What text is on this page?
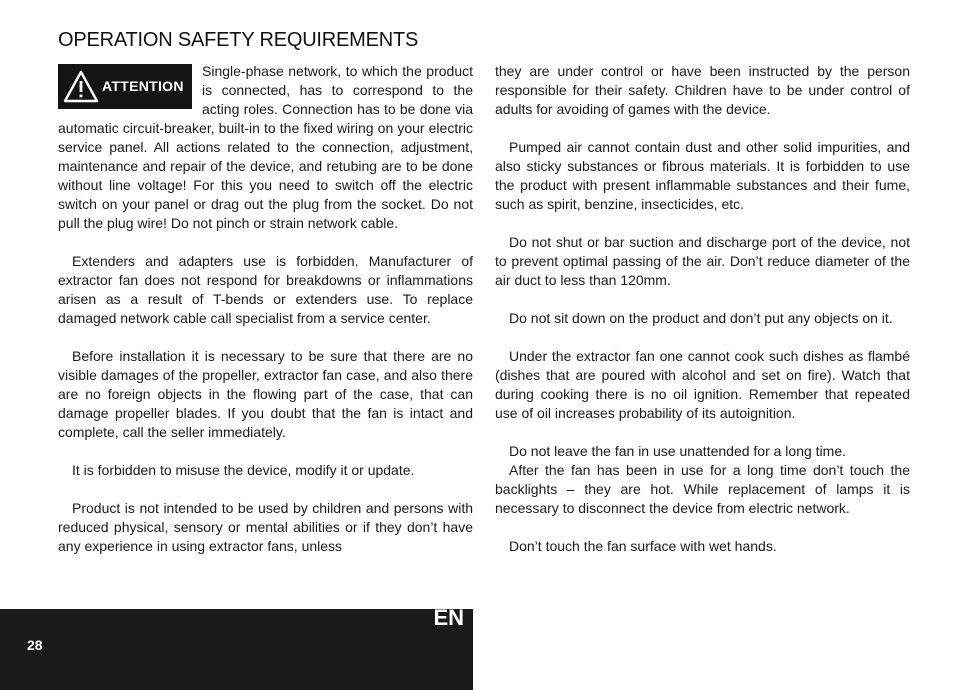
OPERATION SAFETY REQUIREMENTS
ATTENTION

Single-phase network, to which the product is connected, has to correspond to the acting roles. Connection has to be done via automatic circuit-breaker, built-in to the fixed wiring on your electric service panel. All actions related to the connection, adjustment, maintenance and repair of the device, and retubing are to be done without line voltage! For this you need to switch off the electric switch on your panel or drag out the plug from the socket. Do not pull the plug wire! Do not pinch or strain network cable.

Extenders and adapters use is forbidden. Manufacturer of extractor fan does not respond for breakdowns or inflammations arisen as a result of T-bends or extenders use. To replace damaged network cable call specialist from a service center.

Before installation it is necessary to be sure that there are no visible damages of the propeller, extractor fan case, and also there are no foreign objects in the flowing part of the case, that can damage propeller blades. If you doubt that the fan is intact and complete, call the seller immediately.

It is forbidden to misuse the device, modify it or update.

Product is not intended to be used by children and persons with reduced physical, sensory or mental abilities or if they don’t have any experience in using extractor fans, unless

they are under control or have been instructed by the person responsible for their safety. Children have to be under control of adults for avoiding of games with the device.

Pumped air cannot contain dust and other solid impurities, and also sticky substances or fibrous materials. It is forbidden to use the product with present inflammable substances and their fume, such as spirit, benzine, insecticides, etc.

Do not shut or bar suction and discharge port of the device, not to prevent optimal passing of the air. Don’t reduce diameter of the air duct to less than 120mm.

Do not sit down on the product and don’t put any objects on it.

Under the extractor fan one cannot cook such dishes as flambé (dishes that are poured with alcohol and set on fire). Watch that during cooking there is no oil ignition. Remember that repeated use of oil increases probability of its autoignition.

Do not leave the fan in use unattended for a long time.

After the fan has been in use for a long time don’t touch the backlights – they are hot. While replacement of lamps it is necessary to disconnect the device from electric network.

Don’t touch the fan surface with wet hands.

28
EN
